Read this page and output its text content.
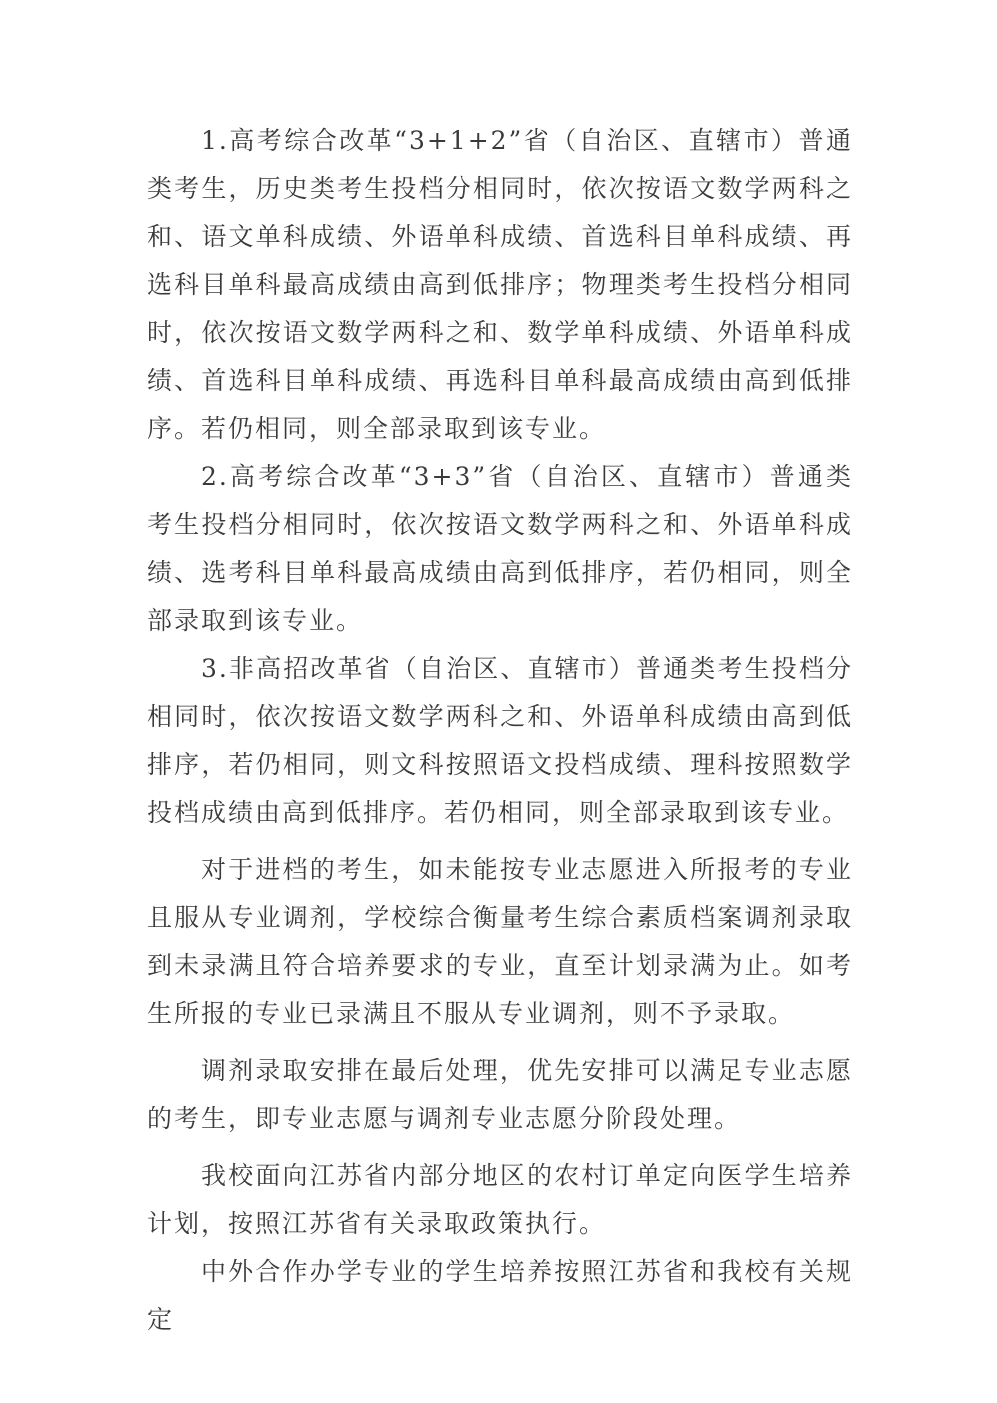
1.高考综合改革“3+1+2”省（自治区、直辖市）普通类考生，历史类考生投档分相同时，依次按语文数学两科之和、语文单科成绩、外语单科成绩、首选科目单科成绩、再选科目单科最高成绩由高到低排序；物理类考生投档分相同时，依次按语文数学两科之和、数学单科成绩、外语单科成绩、首选科目单科成绩、再选科目单科最高成绩由高到低排序。若仍相同，则全部录取到该专业。

2.高考综合改革“3+3”省（自治区、直辖市）普通类考生投档分相同时，依次按语文数学两科之和、外语单科成绩、选考科目单科最高成绩由高到低排序，若仍相同，则全部录取到该专业。

3.非高招改革省（自治区、直辖市）普通类考生投档分相同时，依次按语文数学两科之和、外语单科成绩由高到低排序，若仍相同，则文科按照语文投档成绩、理科按照数学投档成绩由高到低排序。若仍相同，则全部录取到该专业。

对于进档的考生，如未能按专业志愿进入所报考的专业且服从专业调剂，学校综合衡量考生综合素质档案调剂录取到未录满且符合培养要求的专业，直至计划录满为止。如考生所报的专业已录满且不服从专业调剂，则不予录取。

调剂录取安排在最后处理，优先安排可以满足专业志愿的考生，即专业志愿与调剂专业志愿分阶段处理。

我校面向江苏省内部分地区的农村订单定向医学生培养计划，按照江苏省有关录取政策执行。

中外合作办学专业的学生培养按照江苏省和我校有关规定
